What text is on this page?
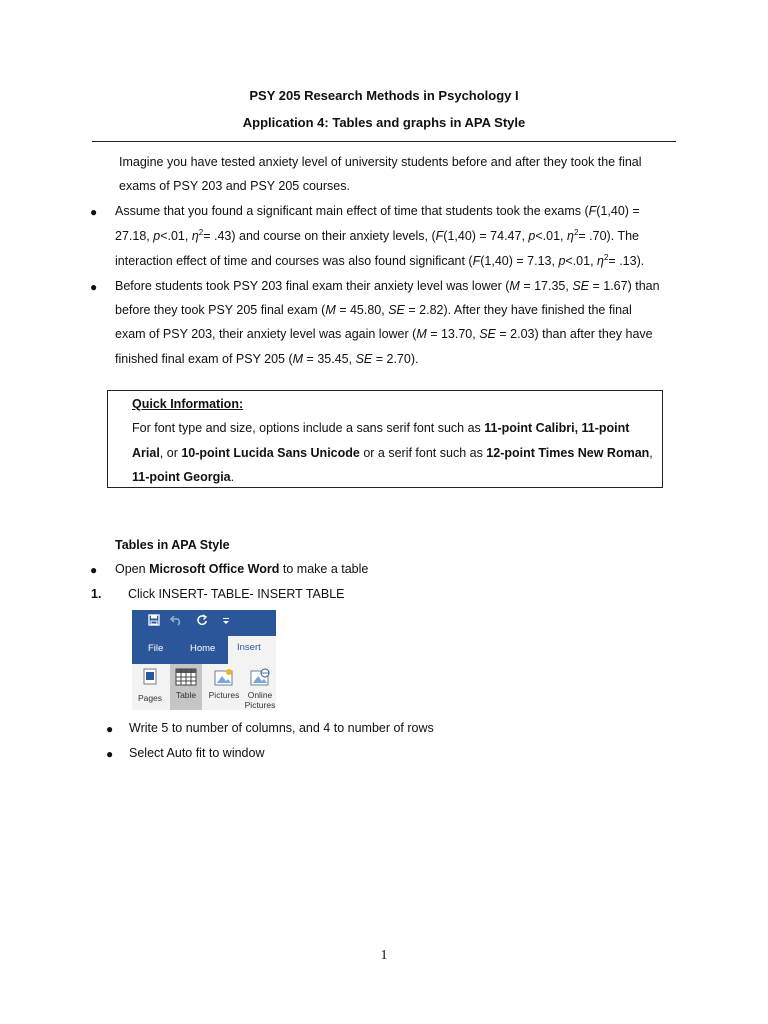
PSY 205 Research Methods in Psychology I
Application 4: Tables and graphs in APA Style
Imagine you have tested anxiety level of university students before and after they took the final
exams of PSY 203 and PSY 205 courses.
● Assume that you found a significant main effect of time that students took the exams (F(1,40) =
27.18, p<.01, $\eta^2= .43$) and course on their anxiety levels, (F(1,40) = 74.47, p<.01, $\eta^2= .70$). The
interaction effect of time and courses was also found significant (F(1,40) = 7.13, p<.01, $\eta^2= .13$).
● Before students took PSY 203 final exam their anxiety level was lower (M = 17.35, SE = 1.67) than
before they took PSY 205 final exam (M = 45.80, SE = 2.82). After they have finished the final
exam of PSY 203, their anxiety level was again lower (M = 13.70, SE = 2.03) than after they have
finished final exam of PSY 205 (M = 35.45, SE = 2.70).
Quick Information:
For font type and size, options include a sans serif font such as 11-point Calibri, 11-point
Arial, or 10-point Lucida Sans Unicode or a serif font such as 12-point Times New Roman,
11-point Georgia.
Tables in APA Style
● Open Microsoft Office Word to make a table
1. Click INSERT- TABLE- INSERT TABLE
File	Home Insert
Pages	Table	Pictures Online
Pictures
● Write 5 to number of columns, and 4 to number of rows
● Select Auto fit to window
1
